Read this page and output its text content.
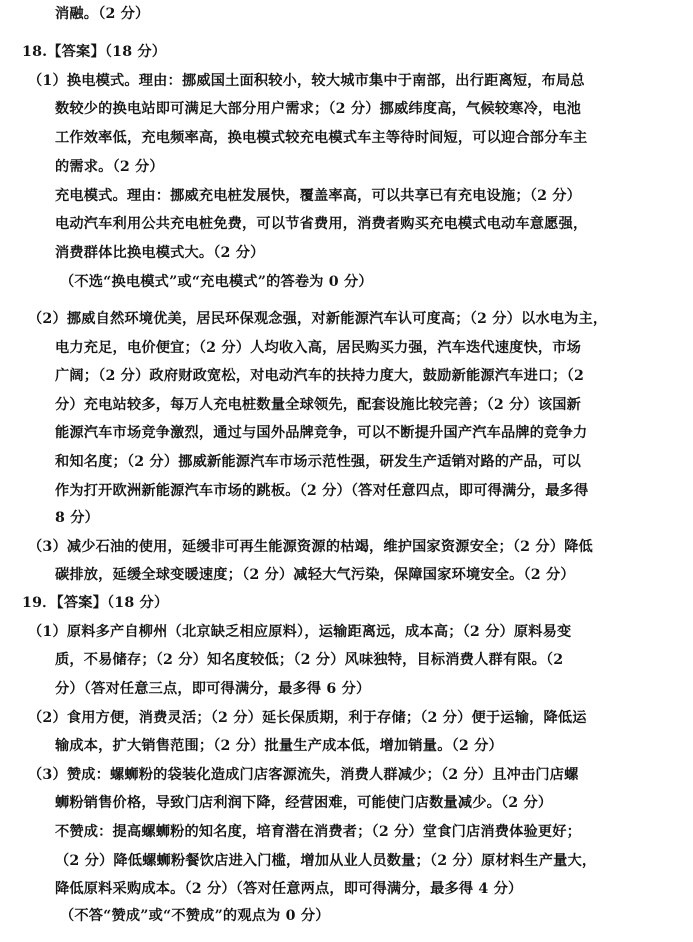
消融。（2 分）
18.【答案】（18 分）
（1）换电模式。理由：挪威国土面积较小，较大城市集中于南部，出行距离短，布局总
数较少的换电站即可满足大部分用户需求；（2 分）挪威纬度高，气候较寒冷，电池
工作效率低，充电频率高，换电模式较充电模式车主等待时间短，可以迎合部分车主
的需求。（2 分）
充电模式。理由：挪威充电桩发展快，覆盖率高，可以共享已有充电设施；（2 分）
电动汽车利用公共充电桩免费，可以节省费用，消费者购买充电模式电动车意愿强，
消费群体比换电模式大。（2 分）
（不选“换电模式”或“充电模式”的答卷为 0 分）
（2）挪威自然环境优美，居民环保观念强，对新能源汽车认可度高；（2 分）以水电为主，
电力充足，电价便宜；（2 分）人均收入高，居民购买力强，汽车迭代速度快，市场
广阔；（2 分）政府财政宽松，对电动汽车的扶持力度大，鼓励新能源汽车进口；（2
分）充电站较多，每万人充电桩数量全球领先，配套设施比较完善；（2 分）该国新
能源汽车市场竞争激烈，通过与国外品牌竞争，可以不断提升国产汽车品牌的竞争力
和知名度；（2 分）挪威新能源汽车市场示范性强，研发生产适销对路的产品，可以
作为打开欧洲新能源汽车市场的跳板。（2 分）（答对任意四点，即可得满分，最多得
8 分）
（3）减少石油的使用，延缓非可再生能源资源的枯竭，维护国家资源安全；（2 分）降低
碳排放，延缓全球变暖速度；（2 分）减轻大气污染，保障国家环境安全。（2 分）
19．【答案】（18 分）
（1）原料多产自柳州（北京缺乏相应原料），运输距离远，成本高；（2 分）原料易变
质，不易储存；（2 分）知名度较低；（2 分）风味独特，目标消费人群有限。（2
分）（答对任意三点，即可得满分，最多得 6 分）
（2）食用方便，消费灵活；（2 分）延长保质期，利于存储；（2 分）便于运输，降低运
输成本，扩大销售范围；（2 分）批量生产成本低，增加销量。（2 分）
（3）赞成：螺蛳粉的袋装化造成门店客源流失，消费人群减少；（2 分）且冲击门店螺
蛳粉销售价格，导致门店利润下降，经营困难，可能使门店数量减少。（2 分）
不赞成：提高螺蛳粉的知名度，培育潜在消费者；（2 分）堂食门店消费体验更好；
（2 分）降低螺蛳粉餐饮店进入门槛，增加从业人员数量；（2 分）原材料生产量大，
降低原料采购成本。（2 分）（答对任意两点，即可得满分，最多得 4 分）
（不答“赞成”或“不赞成”的观点为 0 分）
